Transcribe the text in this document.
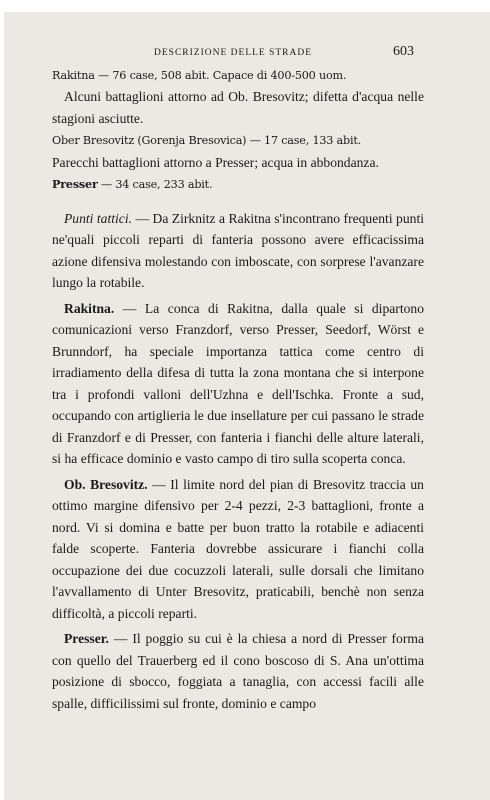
DESCRIZIONE DELLE STRADE	603

Rakitna — 76 case, 508 abit. Capace di 400-500 uom.

Alcuni battaglioni attorno ad Ob. Bresovitz; difetta d'acqua nelle stagioni asciutte.

Ober Bresovitz (Gorenja Bresovica) — 17 case, 133 abit.

Parecchi battaglioni attorno a Presser; acqua in abbondanza.

Presser — 34 case, 233 abit.

Punti tattici. — Da Zirknitz a Rakitna s'incontrano frequenti punti ne'quali piccoli reparti di fanteria possono avere efficacissima azione difensiva molestando con imboscate, con sorprese l'avanzare lungo la rotabile.

Rakitna. — La conca di Rakitna, dalla quale si dipartono comunicazioni verso Franzdorf, verso Presser, Seedorf, Wörst e Brunndorf, ha speciale importanza tattica come centro di irradiamento della difesa di tutta la zona montana che si interpone tra i profondi valloni dell'Uzhna e dell'Ischka. Fronte a sud, occupando con artiglieria le due insellature per cui passano le strade di Franzdorf e di Presser, con fanteria i fianchi delle alture laterali, si ha efficace dominio e vasto campo di tiro sulla scoperta conca.

Ob. Bresovitz. — Il limite nord del pian di Bresovitz traccia un ottimo margine difensivo per 2-4 pezzi, 2-3 battaglioni, fronte a nord. Vi si domina e batte per buon tratto la rotabile e adiacenti falde scoperte. Fanteria dovrebbe assicurare i fianchi colla occupazione dei due cocuzzoli laterali, sulle dorsali che limitano l'avvallamento di Unter Bresovitz, praticabili, benchè non senza difficoltà, a piccoli reparti.

Presser. — Il poggio su cui è la chiesa a nord di Presser forma con quello del Trauerberg ed il cono boscoso di S. Ana un'ottima posizione di sbocco, foggiata a tanaglia, con accessi facili alle spalle, difficilissimi sul fronte, dominio e campo
